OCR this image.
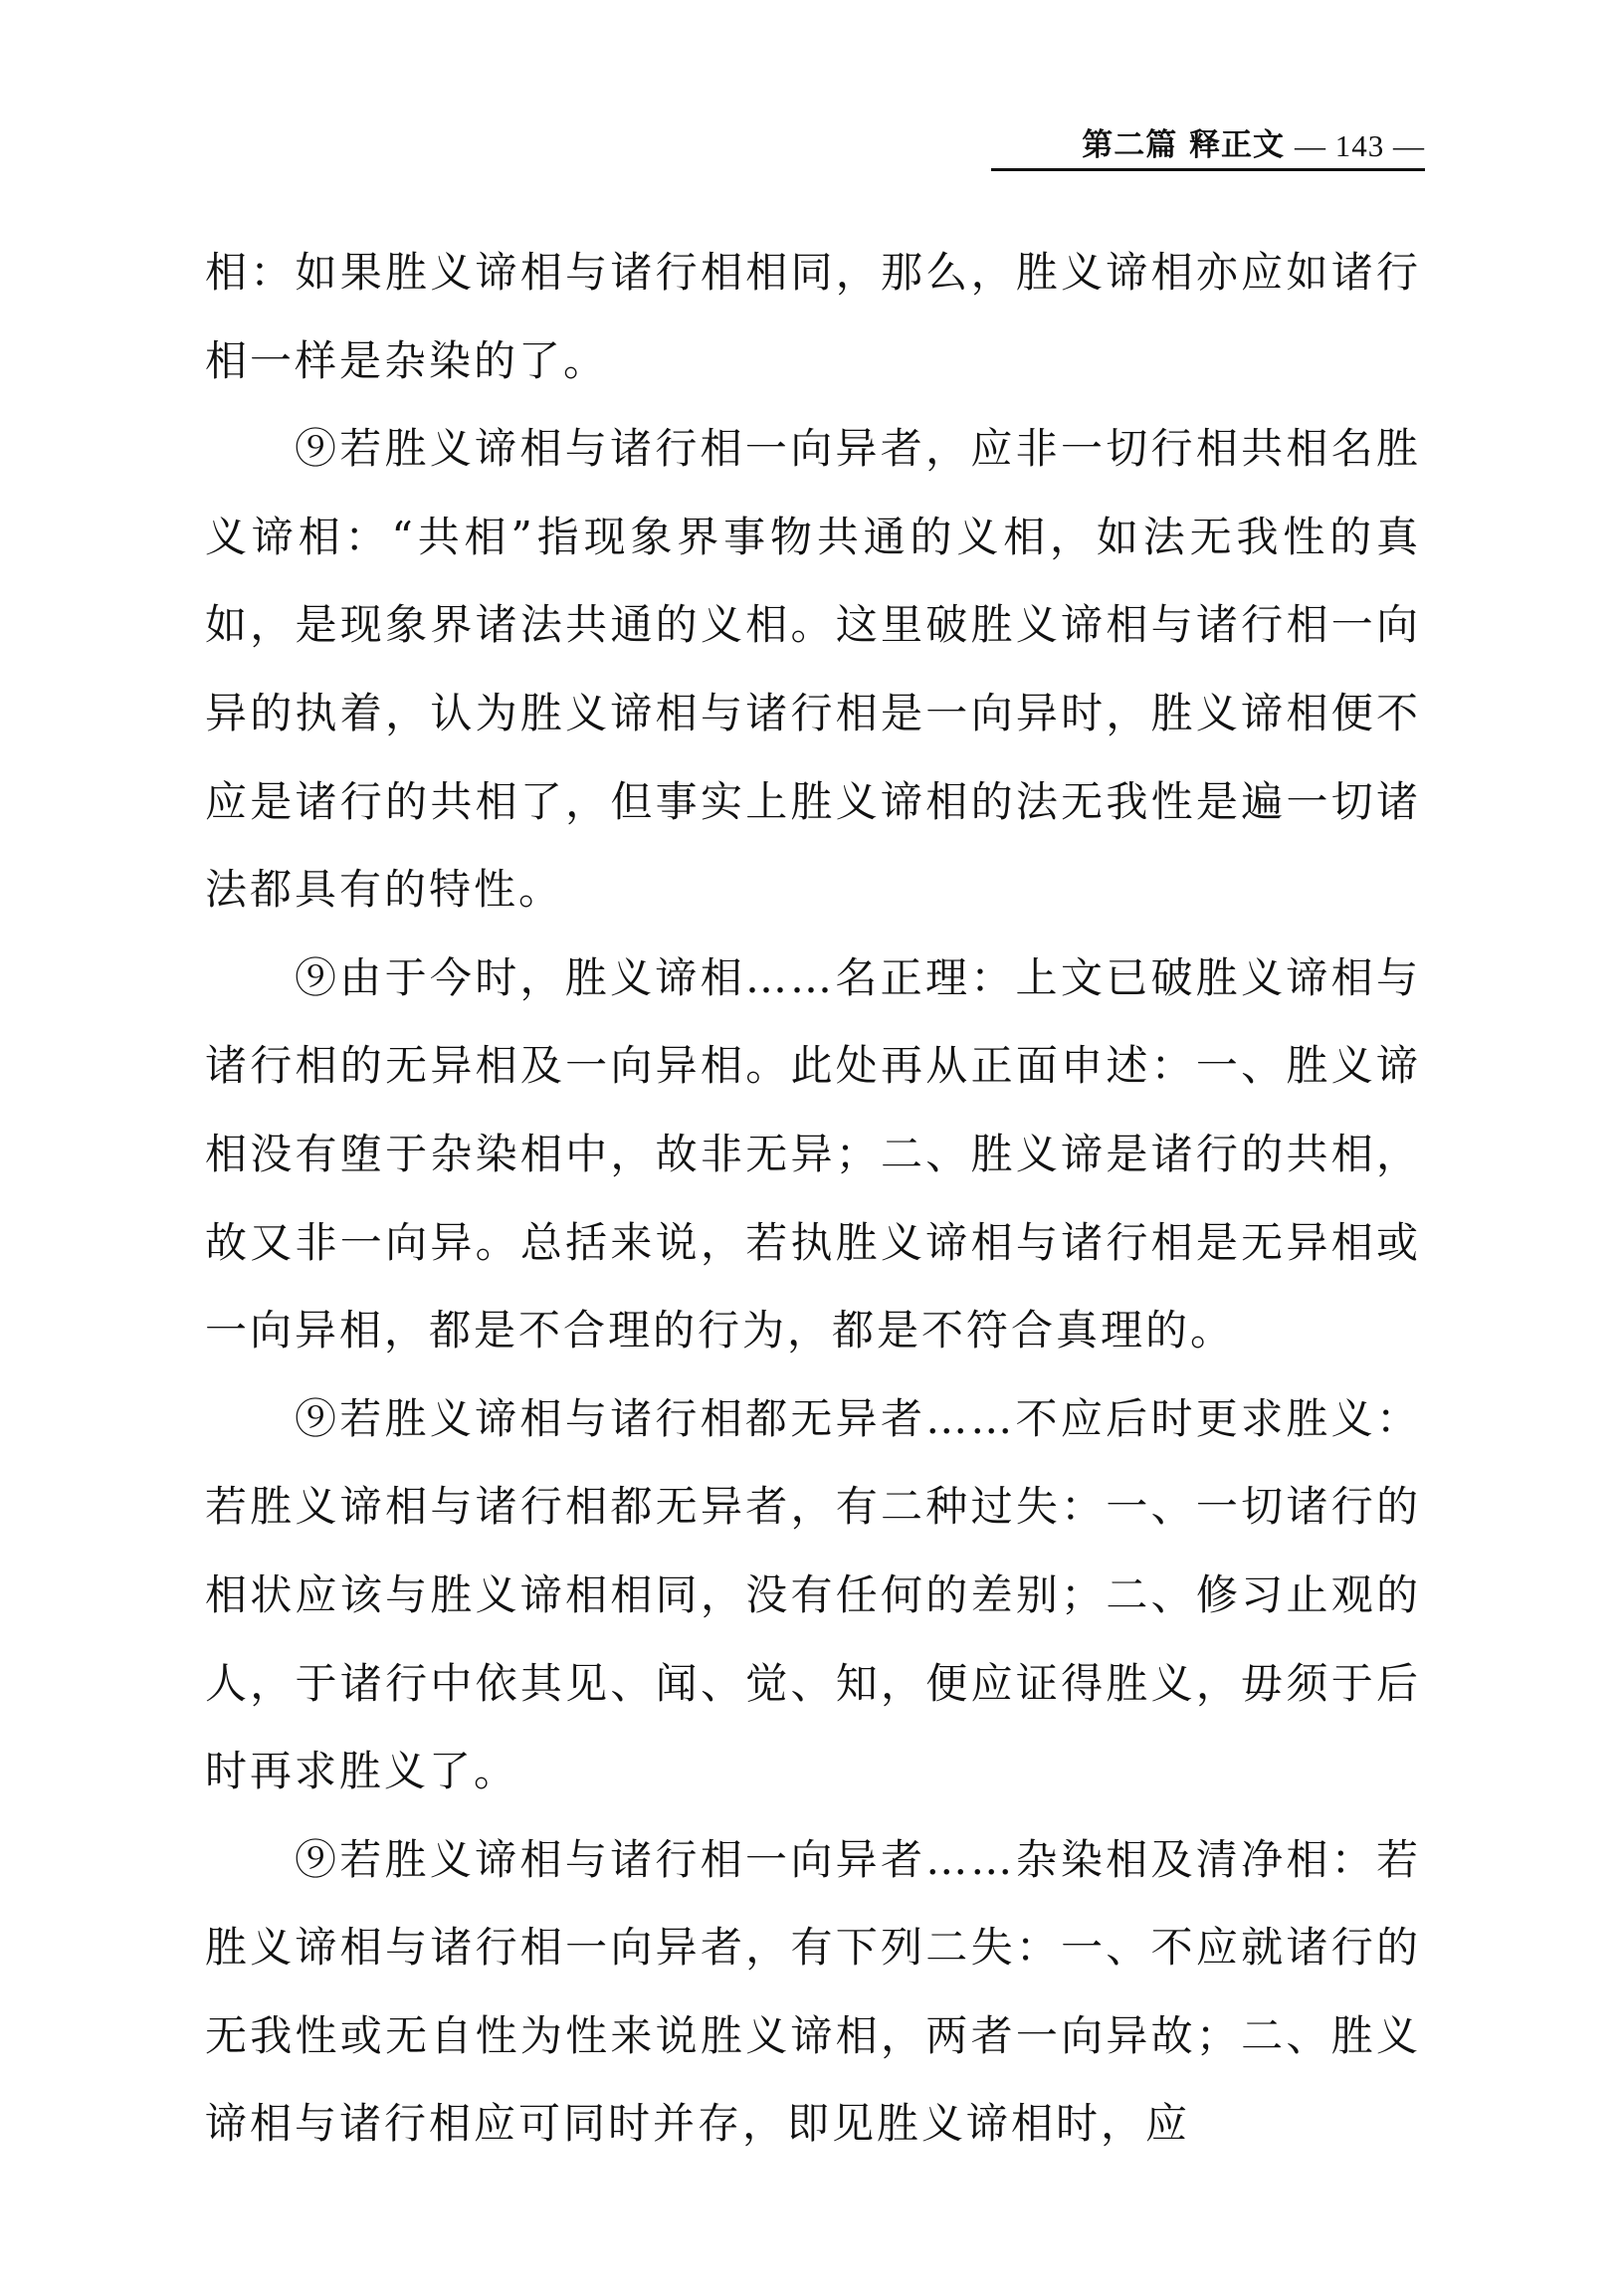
第二篇 释正文 — 143 —

相：如果胜义谛相与诸行相相同，那么，胜义谛相亦应如诸行相一样是杂染的了。

⑨若胜义谛相与诸行相一向异者，应非一切行相共相名胜义谛相：“共相”指现象界事物共通的义相，如法无我性的真如，是现象界诸法共通的义相。这里破胜义谛相与诸行相一向异的执着，认为胜义谛相与诸行相是一向异时，胜义谛相便不应是诸行的共相了，但事实上胜义谛相的法无我性是遍一切诸法都具有的特性。

⑨由于今时，胜义谛相……名正理：上文已破胜义谛相与诸行相的无异相及一向异相。此处再从正面申述：一、胜义谛相没有堕于杂染相中，故非无异；二、胜义谛是诸行的共相，故又非一向异。总括来说，若执胜义谛相与诸行相是无异相或一向异相，都是不合理的行为，都是不符合真理的。

⑨若胜义谛相与诸行相都无异者……不应后时更求胜义：若胜义谛相与诸行相都无异者，有二种过失：一、一切诸行的相状应该与胜义谛相相同，没有任何的差别；二、修习止观的人，于诸行中依其见、闻、觉、知，便应证得胜义，毋须于后时再求胜义了。

⑨若胜义谛相与诸行相一向异者……杂染相及清净相：若胜义谛相与诸行相一向异者，有下列二失：一、不应就诸行的无我性或无自性为性来说胜义谛相，两者一向异故；二、胜义谛相与诸行相应可同时并存，即见胜义谛相时，应
